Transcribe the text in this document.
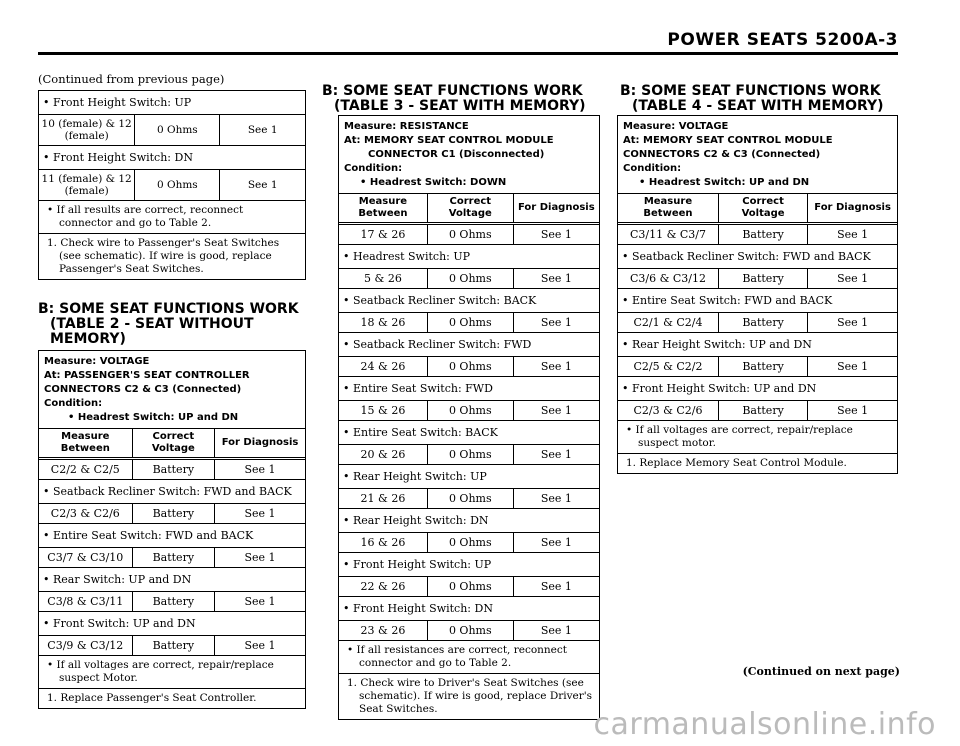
POWER SEATS 5200A-3
(Continued from previous page)
• Front Height Switch: UP		
10 (female) & 12 (female)	0 Ohms	See 1
• Front Height Switch: DN		
11 (female) & 12 (female)	0 Ohms	See 1
• If all results are correct, reconnect connector and go to Table 2.
1. Check wire to Passenger's Seat Switches (see schematic). If wire is good, replace Passenger's Seat Switches.
B: SOME SEAT FUNCTIONS WORK
(TABLE 2 - SEAT WITHOUT
MEMORY)
Measure: VOLTAGE
At: PASSENGER'S SEAT CONTROLLER
CONNECTORS C2 & C3 (Connected)
Condition:
• Headrest Switch: UP and DN
Measure Between	Correct Voltage	For Diagnosis
C2/2 & C2/5	Battery	See 1
• Seatback Recliner Switch: FWD and BACK		
C2/3 & C2/6	Battery	See 1
• Entire Seat Switch: FWD and BACK		
C3/7 & C3/10	Battery	See 1
• Rear Switch: UP and DN		
C3/8 & C3/11	Battery	See 1
• Front Switch: UP and DN		
C3/9 & C3/12	Battery	See 1
• If all voltages are correct, repair/replace suspect Motor.
1. Replace Passenger's Seat Controller.
B: SOME SEAT FUNCTIONS WORK
(TABLE 3 - SEAT WITH MEMORY)
Measure: RESISTANCE
At: MEMORY SEAT CONTROL MODULE
CONNECTOR C1 (Disconnected)
Condition:
• Headrest Switch: DOWN
Measure Between	Correct Voltage	For Diagnosis
17 & 26	0 Ohms	See 1
• Headrest Switch: UP		
5 & 26	0 Ohms	See 1
• Seatback Recliner Switch: BACK		
18 & 26	0 Ohms	See 1
• Seatback Recliner Switch: FWD		
24 & 26	0 Ohms	See 1
• Entire Seat Switch: FWD		
15 & 26	0 Ohms	See 1
• Entire Seat Switch: BACK		
20 & 26	0 Ohms	See 1
• Rear Height Switch: UP		
21 & 26	0 Ohms	See 1
• Rear Height Switch: DN		
16 & 26	0 Ohms	See 1
• Front Height Switch: UP		
22 & 26	0 Ohms	See 1
• Front Height Switch: DN		
23 & 26	0 Ohms	See 1
• If all resistances are correct, reconnect connector and go to Table 2.
1. Check wire to Driver's Seat Switches (see schematic). If wire is good, replace Driver's Seat Switches.
B: SOME SEAT FUNCTIONS WORK
(TABLE 4 - SEAT WITH MEMORY)
Measure: VOLTAGE
At: MEMORY SEAT CONTROL MODULE
CONNECTORS C2 & C3 (Connected)
Condition:
• Headrest Switch: UP and DN
Measure Between	Correct Voltage	For Diagnosis
C3/11 & C3/7	Battery	See 1
• Seatback Recliner Switch: FWD and BACK		
C3/6 & C3/12	Battery	See 1
• Entire Seat Switch: FWD and BACK		
C2/1 & C2/4	Battery	See 1
• Rear Height Switch: UP and DN		
C2/5 & C2/2	Battery	See 1
• Front Height Switch: UP and DN		
C2/3 & C2/6	Battery	See 1
• If all voltages are correct, repair/replace suspect motor.
1. Replace Memory Seat Control Module.
(Continued on next page)
carmanualsonline.info
